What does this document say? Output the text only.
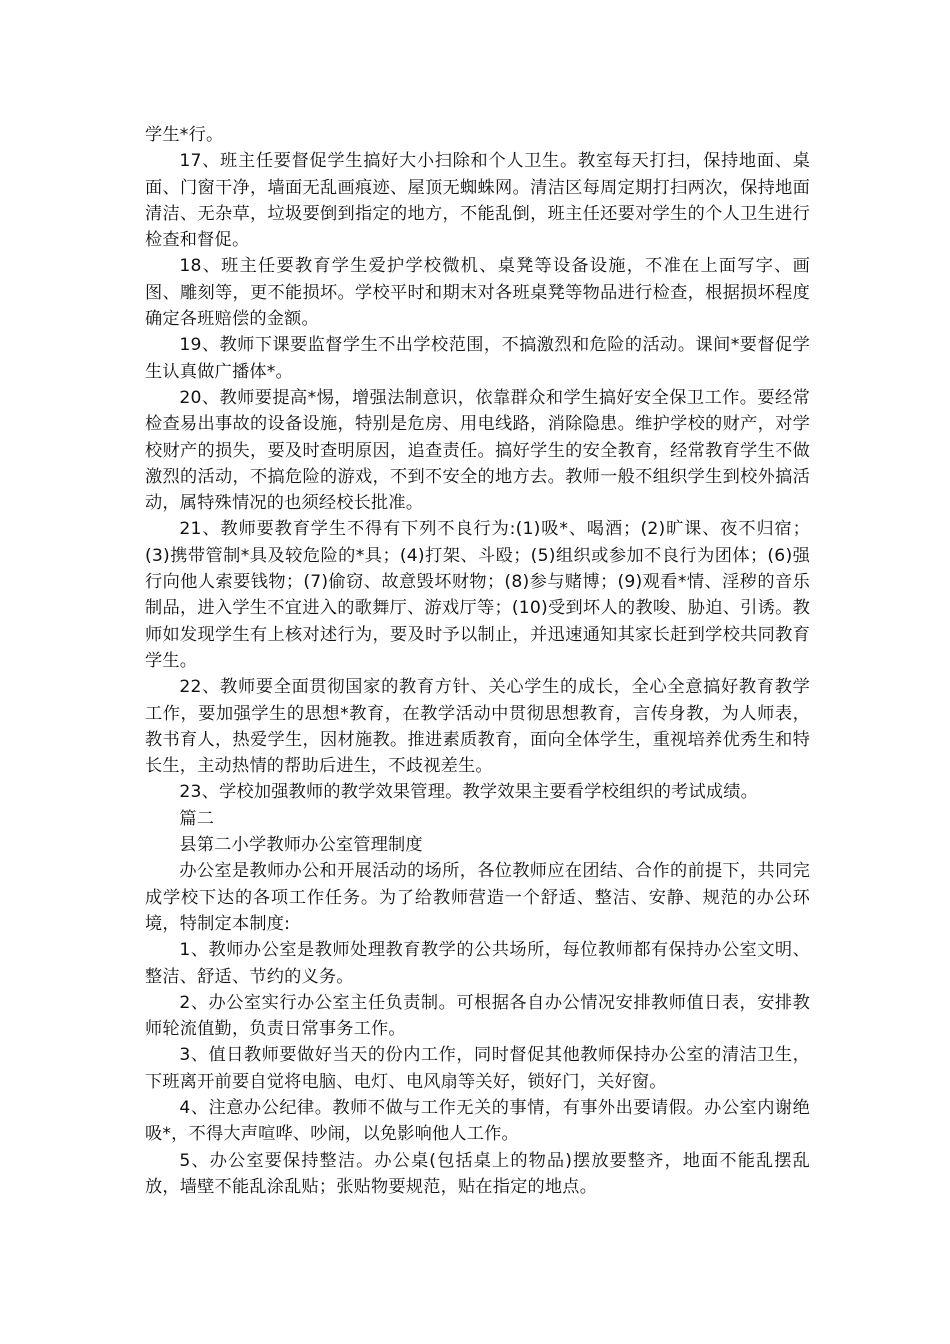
学生*行。

17、班主任要督促学生搞好大小扫除和个人卫生。教室每天打扫，保持地面、桌面、门窗干净，墙面无乱画痕迹、屋顶无蜘蛛网。清洁区每周定期打扫两次，保持地面清洁、无杂草，垃圾要倒到指定的地方，不能乱倒，班主任还要对学生的个人卫生进行检查和督促。

18、班主任要教育学生爱护学校微机、桌凳等设备设施，不准在上面写字、画图、雕刻等，更不能损坏。学校平时和期末对各班桌凳等物品进行检查，根据损坏程度确定各班赔偿的金额。

19、教师下课要监督学生不出学校范围，不搞激烈和危险的活动。课间*要督促学生认真做广播体*。

20、教师要提高*惕，增强法制意识，依靠群众和学生搞好安全保卫工作。要经常检查易出事故的设备设施，特别是危房、用电线路，消除隐患。维护学校的财产，对学校财产的损失，要及时查明原因，追查责任。搞好学生的安全教育，经常教育学生不做激烈的活动，不搞危险的游戏，不到不安全的地方去。教师一般不组织学生到校外搞活动，属特殊情况的也须经校长批准。

21、教师要教育学生不得有下列不良行为:(1)吸*、喝酒；(2)旷课、夜不归宿；(3)携带管制*具及较危险的*具；(4)打架、斗殴；(5)组织或参加不良行为团体；(6)强行向他人索要钱物；(7)偷窃、故意毁坏财物；(8)参与赌博；(9)观看*情、淫秽的音乐制品，进入学生不宜进入的歌舞厅、游戏厅等；(10)受到坏人的教唆、胁迫、引诱。教师如发现学生有上核对述行为，要及时予以制止，并迅速通知其家长赶到学校共同教育学生。

22、教师要全面贯彻国家的教育方针、关心学生的成长，全心全意搞好教育教学工作，要加强学生的思想*教育，在教学活动中贯彻思想教育，言传身教，为人师表，教书育人，热爱学生，因材施教。推进素质教育，面向全体学生，重视培养优秀生和特长生，主动热情的帮助后进生，不歧视差生。

23、学校加强教师的教学效果管理。教学效果主要看学校组织的考试成绩。

篇二

县第二小学教师办公室管理制度

办公室是教师办公和开展活动的场所，各位教师应在团结、合作的前提下，共同完成学校下达的各项工作任务。为了给教师营造一个舒适、整洁、安静、规范的办公环境，特制定本制度:

1、教师办公室是教师处理教育教学的公共场所，每位教师都有保持办公室文明、整洁、舒适、节约的义务。

2、办公室实行办公室主任负责制。可根据各自办公情况安排教师值日表，安排教师轮流值勤，负责日常事务工作。

3、值日教师要做好当天的份内工作，同时督促其他教师保持办公室的清洁卫生，下班离开前要自觉将电脑、电灯、电风扇等关好，锁好门，关好窗。

4、注意办公纪律。教师不做与工作无关的事情，有事外出要请假。办公室内谢绝吸*，不得大声喧哗、吵闹，以免影响他人工作。

5、办公室要保持整洁。办公桌(包括桌上的物品)摆放要整齐，地面不能乱摆乱放，墙壁不能乱涂乱贴；张贴物要规范，贴在指定的地点。
